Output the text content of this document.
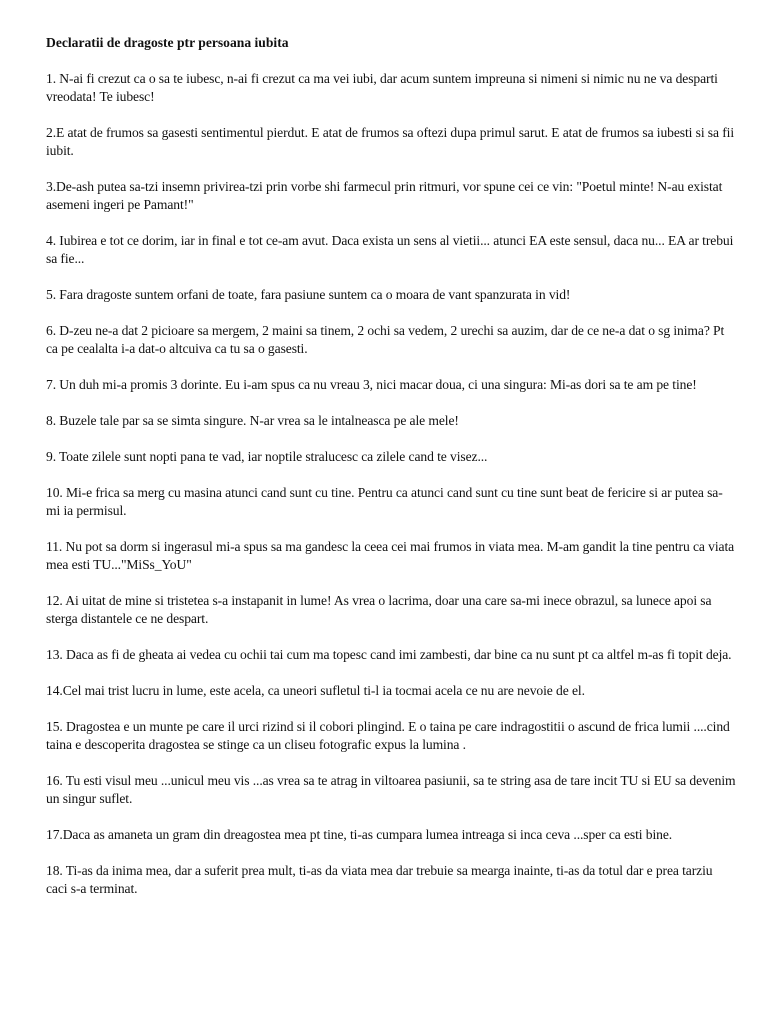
Declaratii de dragoste ptr persoana iubita

1. N-ai fi crezut ca o sa te iubesc, n-ai fi crezut ca ma vei iubi, dar acum suntem impreuna si nimeni si nimic nu ne va desparti vreodata! Te iubesc!

2.E atat de frumos sa gasesti sentimentul pierdut. E atat de frumos sa oftezi dupa primul sarut. E atat de frumos sa iubesti si sa fii iubit.

3.De-ash putea sa-tzi insemn privirea-tzi prin vorbe shi farmecul prin ritmuri, vor spune cei ce vin: "Poetul minte! N-au existat asemeni ingeri pe Pamant!"

4. Iubirea e tot ce dorim, iar in final e tot ce-am avut. Daca exista un sens al vietii... atunci EA este sensul, daca nu... EA ar trebui sa fie...

5. Fara dragoste suntem orfani de toate, fara pasiune suntem ca o moara de vant spanzurata in vid!

6. D-zeu ne-a dat 2 picioare sa mergem, 2 maini sa tinem, 2 ochi sa vedem, 2 urechi sa auzim, dar de ce ne-a dat o sg inima? Pt ca pe cealalta i-a dat-o altcuiva ca tu sa o gasesti.

7. Un duh mi-a promis 3 dorinte. Eu i-am spus ca nu vreau 3, nici macar doua, ci una singura: Mi-as dori sa te am pe tine!

8. Buzele tale par sa se simta singure. N-ar vrea sa le intalneasca pe ale mele!

9. Toate zilele sunt nopti pana te vad, iar noptile stralucesc ca zilele cand te visez...

10. Mi-e frica sa merg cu masina atunci cand sunt cu tine. Pentru ca atunci cand sunt cu tine sunt beat de fericire si ar putea sa-mi ia permisul.

11. Nu pot sa dorm si ingerasul mi-a spus sa ma gandesc la ceea cei mai frumos in viata mea. M-am gandit la tine pentru ca viata mea esti TU..."MiSs_YoU"

12. Ai uitat de mine si tristetea s-a instapanit in lume! As vrea o lacrima, doar una care sa-mi inece obrazul, sa lunece apoi sa sterga distantele ce ne despart.

13. Daca as fi de gheata ai vedea cu ochii tai cum ma topesc cand imi zambesti, dar bine ca nu sunt pt ca altfel m-as fi topit deja.

14.Cel mai trist lucru in lume, este acela, ca uneori sufletul ti-l ia tocmai acela ce nu are nevoie de el.

15. Dragostea e un munte pe care il urci rizind si il cobori plingind. E o taina pe care indragostitii o ascund de frica lumii ....cind taina e descoperita dragostea se stinge ca un cliseu fotografic expus la lumina .

16. Tu esti visul meu ...unicul meu vis ...as vrea sa te atrag in viltoarea pasiunii, sa te string asa de tare incit TU si EU sa devenim un singur suflet.

17.Daca as amaneta un gram din dreagostea mea pt tine, ti-as cumpara lumea intreaga si inca ceva ...sper ca esti bine.

18. Ti-as da inima mea, dar a suferit prea mult, ti-as da viata mea dar trebuie sa mearga inainte, ti-as da totul dar e prea tarziu caci s-a terminat.
